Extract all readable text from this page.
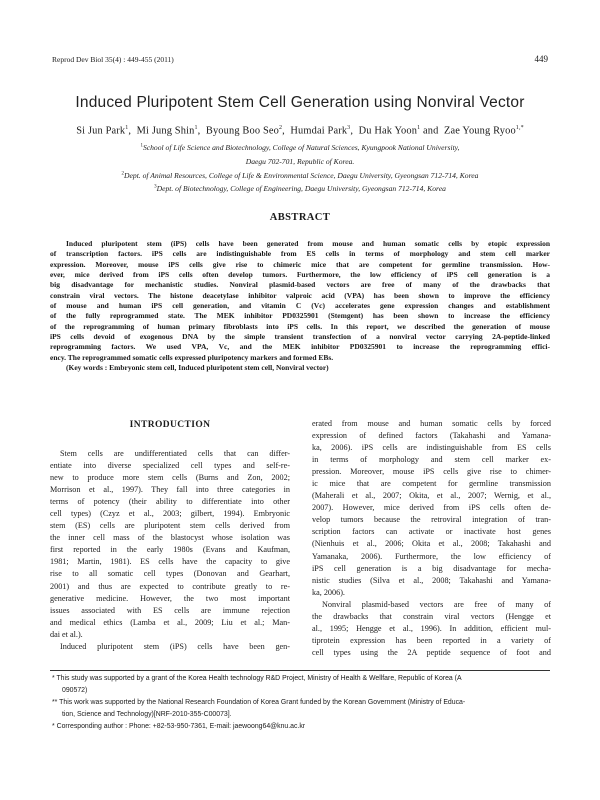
Reprod Dev Biol 35(4) : 449-455 (2011)	449
Induced Pluripotent Stem Cell Generation using Nonviral Vector
Si Jun Park$^1$,  Mi Jung Shin$^1$,  Byoung Boo Seo$^2$,  Humdai Park$^3$,  Du Hak Yoon$^1$ and  Zae Young Ryoo$^{1,*}$
$^1$School of Life Science and Biotechnology, College of Natural Sciences, Kyungpook National University,
Daegu 702-701, Republic of Korea.
$^2$Dept. of Animal Resources, College of Life & Environmental Science, Daegu University, Gyeongsan 712-714, Korea
$^3$Dept. of Biotechnology, College of Engineering, Daegu University, Gyeongsan 712-714, Korea
ABSTRACT
Induced pluripotent stem (iPS) cells have been generated from mouse and human somatic cells by etopic expression
of transcription factors. iPS cells are indistinguishable from ES cells in terms of morphology and stem cell marker
expression. Moreover, mouse iPS cells give rise to chimeric mice that are competent for germline transmission. How-
ever, mice derived from iPS cells often develop tumors. Furthermore, the low efficiency of iPS cell generation is a
big disadvantage for mechanistic studies. Nonviral plasmid-based vectors are free of many of the drawbacks that
constrain viral vectors. The histone deacetylase inhibitor valproic acid (VPA) has been shown to improve the efficiency
of mouse and human iPS cell generation, and vitamin C (Vc) accelerates gene expression changes and establishment
of the fully reprogrammed state. The MEK inhibitor PD0325901 (Stemgent) has been shown to increase the efficiency
of the reprogramming of human primary fibroblasts into iPS cells. In this report, we described the generation of mouse
iPS cells devoid of exogenous DNA by the simple transient transfection of a nonviral vector carrying 2A-peptide-linked
reprogramming factors. We used VPA, Vc, and the MEK inhibitor PD0325901 to increase the reprogramming effici-
ency. The reprogrammed somatic cells expressed pluripotency markers and formed EBs.
(Key words : Embryonic stem cell, Induced pluripotent stem cell, Nonviral vector)
INTRODUCTION
Stem cells are undifferentiated cells that can differ-
entiate into diverse specialized cell types and self-re-
new to produce more stem cells (Burns and Zon, 2002;
Morrison et al., 1997). They fall into three categories in
terms of potency (their ability to differentiate into other
cell types) (Czyz et al., 2003; gilbert, 1994). Embryonic
stem (ES) cells are pluripotent stem cells derived from
the inner cell mass of the blastocyst whose isolation was
first reported in the early 1980s (Evans and Kaufman,
1981; Martin, 1981). ES cells have the capacity to give
rise to all somatic cell types (Donovan and Gearhart,
2001) and thus are expected to contribute greatly to re-
generative medicine. However, the two most important
issues associated with ES cells are immune rejection
and medical ethics (Lamba et al., 2009; Liu et al.; Man-
dai et al.).
Induced pluripotent stem (iPS) cells have been gen-
erated from mouse and human somatic cells by forced
expression of defined factors (Takahashi and Yamana-
ka, 2006). iPS cells are indistinguishable from ES cells
in terms of morphology and stem cell marker ex-
pression. Moreover, mouse iPS cells give rise to chimer-
ic mice that are competent for germline transmission
(Maherali et al., 2007; Okita, et al., 2007; Wernig, et al.,
2007). However, mice derived from iPS cells often de-
velop tumors because the retroviral integration of tran-
scription factors can activate or inactivate host genes
(Nienhuis et al., 2006; Okita et al., 2008; Takahashi and
Yamanaka, 2006). Furthermore, the low efficiency of
iPS cell generation is a big disadvantage for mecha-
nistic studies (Silva et al., 2008; Takahashi and Yamana-
ka, 2006).
Nonviral plasmid-based vectors are free of many of
the drawbacks that constrain viral vectors (Hengge et
al., 1995; Hengge et al., 1996). In addition, efficient mul-
tiprotein expression has been reported in a variety of
cell types using the 2A peptide sequence of foot and
* This study was supported by a grant of the Korea Health technology R&D Project, Ministry of Health & Wellfare, Republic of Korea (A
090572)
** This work was supported by the National Research Foundation of Korea Grant funded by the Korean Government (Ministry of Educa-
tion, Science and Technology)[NRF-2010-355-C00073].
* Corresponding author : Phone: +82-53-950-7361, E-mail: jaewoong64@knu.ac.kr
